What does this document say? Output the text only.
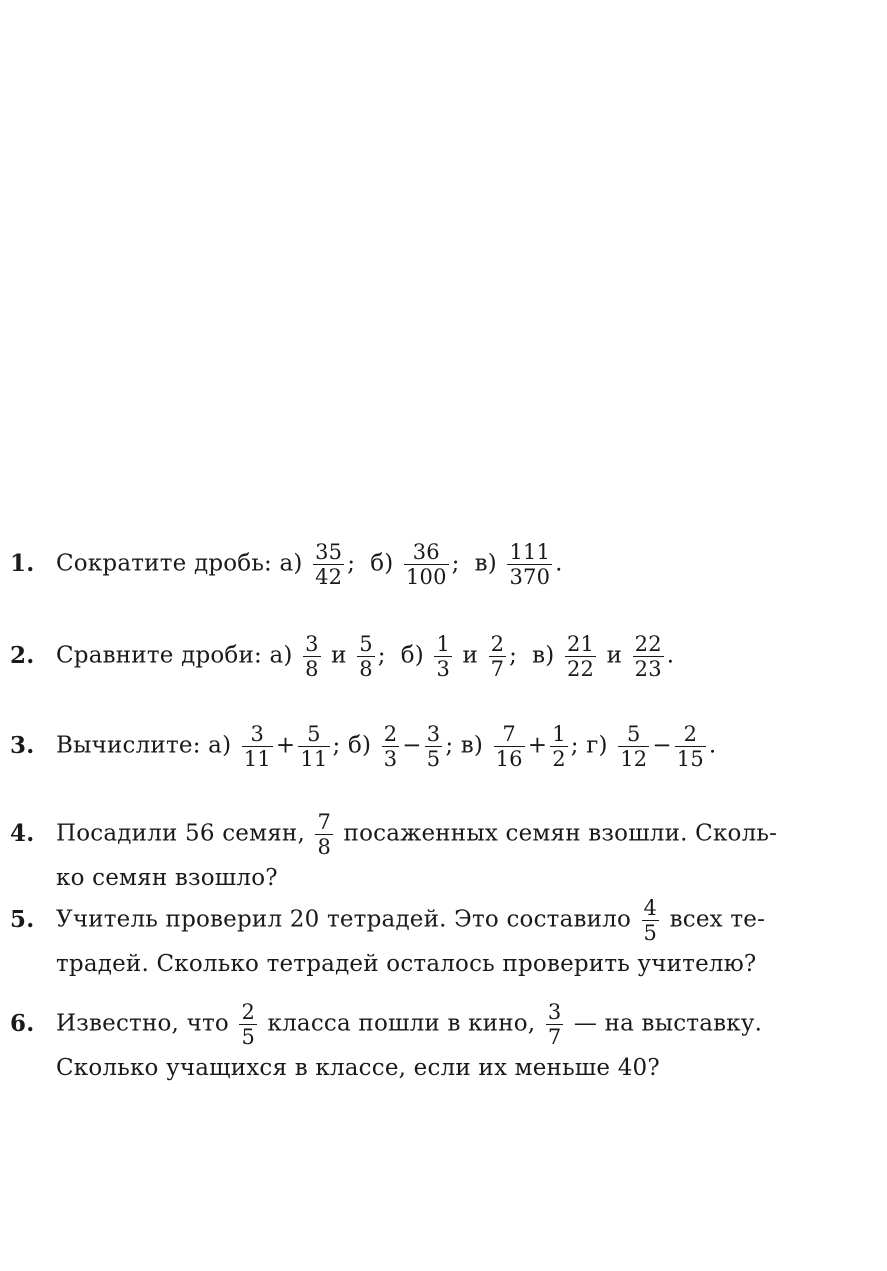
1. Сократите дробь: $а) \frac{35}{42}$ ;  $б) \frac{36}{100}$ ;  $в) \frac{111}{370}$ .
2. Сравните дроби: $а) \frac{3}{8}$ и $\frac{5}{8}$ ;  $б) \frac{1}{3}$ и $\frac{2}{7}$ ;  $в) \frac{21}{22}$ и $\frac{22}{23}$ .
3. Вычислите: $а) \frac{3}{11} + \frac{5}{11}$ ; $б) \frac{2}{3} - \frac{3}{5}$ ; $в) \frac{7}{16} + \frac{1}{2}$ ; $г) \frac{5}{12} - \frac{2}{15}$ .
4. Посадили 56 семян, $\frac{7}{8}$ посаженных семян взошли. Сколь-
ко семян взошло?
5. Учитель проверил 20 тетрадей. Это составило $\frac{4}{5}$ всех те-
традей. Сколько тетрадей осталось проверить учителю?
6. Известно, что $\frac{2}{5}$ класса пошли в кино, $\frac{3}{7}$ — на выставку.
Сколько учащихся в классе, если их меньше 40?
